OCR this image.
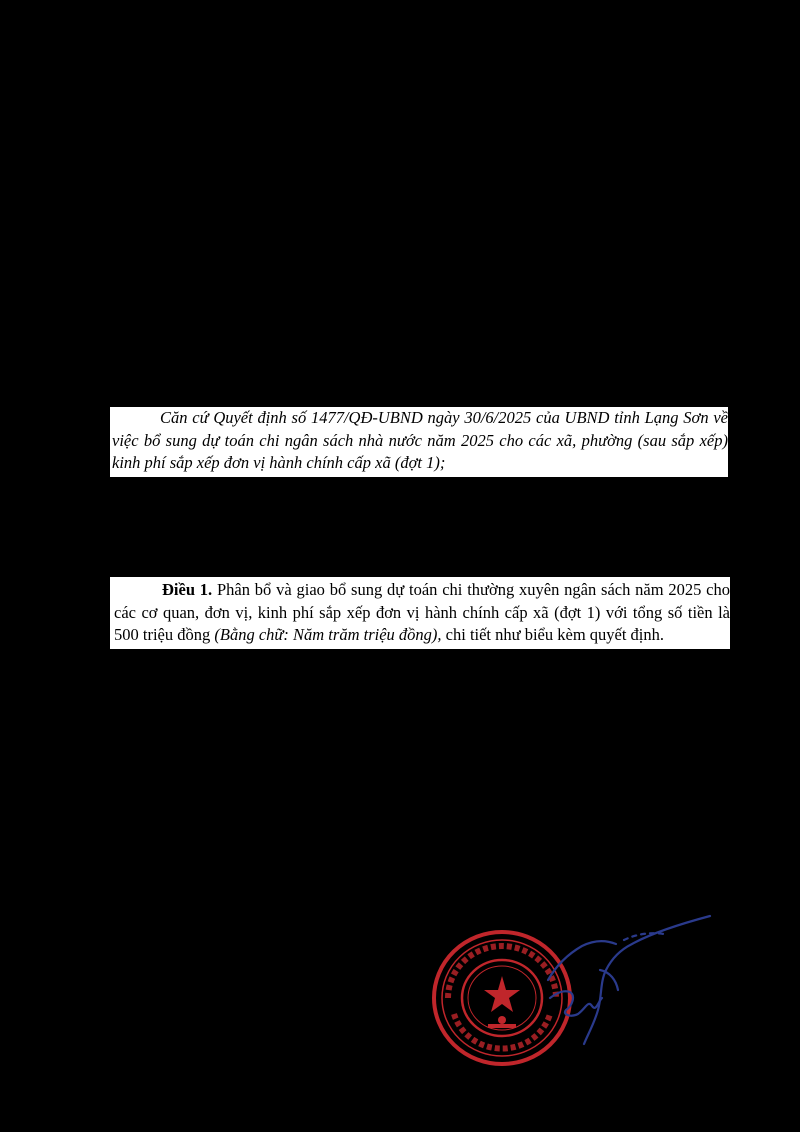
Căn cứ Quyết định số 1477/QĐ-UBND ngày 30/6/2025 của UBND tỉnh Lạng Sơn về việc bổ sung dự toán chi ngân sách nhà nước năm 2025 cho các xã, phường (sau sắp xếp) kinh phí sắp xếp đơn vị hành chính cấp xã (đợt 1);

Điều 1. Phân bổ và giao bổ sung dự toán chi thường xuyên ngân sách năm 2025 cho các cơ quan, đơn vị, kinh phí sắp xếp đơn vị hành chính cấp xã (đợt 1) với tổng số tiền là 500 triệu đồng (Bằng chữ: Năm trăm triệu đồng), chi tiết như biểu kèm quyết định.
